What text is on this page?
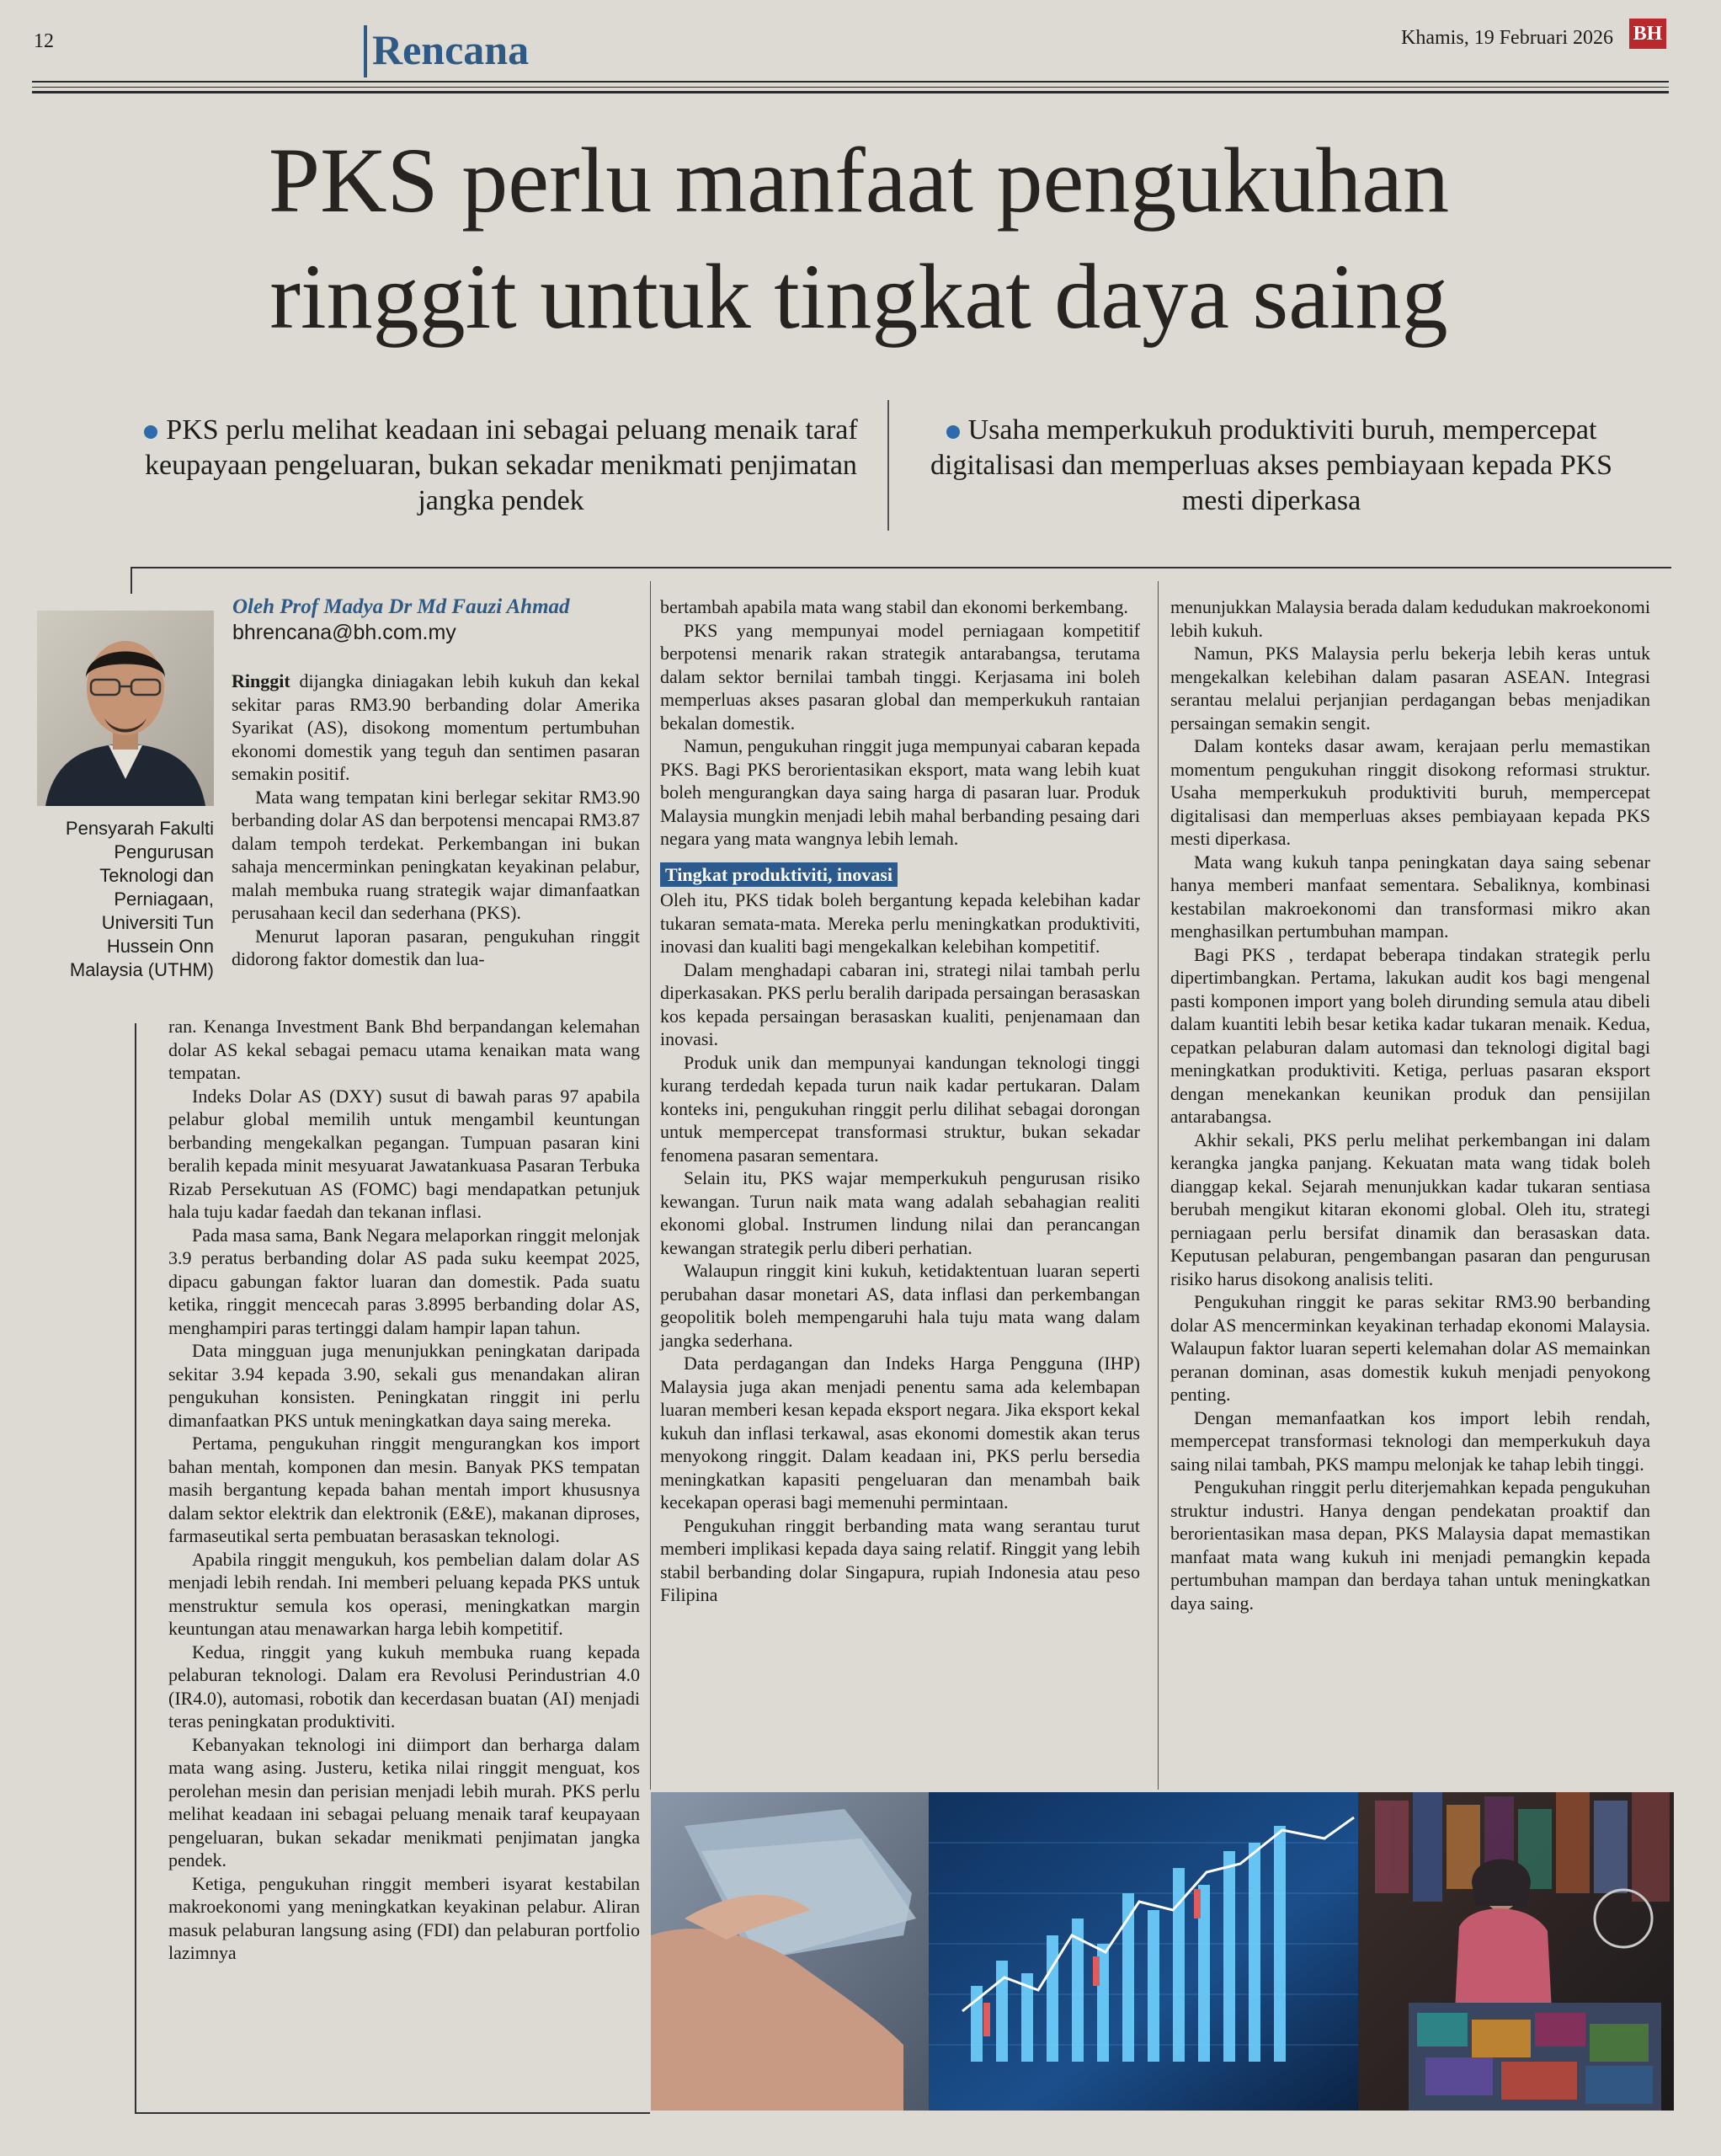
12	Rencana	Khamis, 19 Februari 2026 BH
PKS perlu manfaat pengukuhan
ringgit untuk tingkat daya saing
PKS perlu melihat keadaan ini sebagai peluang menaik taraf keupayaan pengeluaran, bukan sekadar menikmati penjimatan jangka pendek
Usaha memperkukuh produktiviti buruh, mempercepat digitalisasi dan memperluas akses pembiayaan kepada PKS mesti diperkasa
Pensyarah Fakulti Pengurusan Teknologi dan Perniagaan, Universiti Tun Hussein Onn Malaysia (UTHM)
Oleh Prof Madya Dr Md Fauzi Ahmad
bhrencana@bh.com.my

Ringgit dijangka diniagakan lebih kukuh dan kekal sekitar paras RM3.90 berbanding dolar Amerika Syarikat (AS), disokong momentum pertumbuhan ekonomi domestik yang teguh dan sentimen pasaran semakin positif.

Mata wang tempatan kini berlegar sekitar RM3.90 berbanding dolar AS dan berpotensi mencapai RM3.87 dalam tempoh terdekat. Perkembangan ini bukan sahaja mencerminkan peningkatan keyakinan pelabur, malah membuka ruang strategik wajar dimanfaatkan perusahaan kecil dan sederhana (PKS).

Menurut laporan pasaran, pengukuhan ringgit didorong faktor domestik dan lua-

ran. Kenanga Investment Bank Bhd berpandangan kelemahan dolar AS kekal sebagai pemacu utama kenaikan mata wang tempatan.

Indeks Dolar AS (DXY) susut di bawah paras 97 apabila pelabur global memilih untuk mengambil keuntungan berbanding mengekalkan pegangan. Tumpuan pasaran kini beralih kepada minit mesyuarat Jawatankuasa Pasaran Terbuka Rizab Persekutuan AS (FOMC) bagi mendapatkan petunjuk hala tuju kadar faedah dan tekanan inflasi.

Pada masa sama, Bank Negara melaporkan ringgit melonjak 3.9 peratus berbanding dolar AS pada suku keempat 2025, dipacu gabungan faktor luaran dan domestik. Pada suatu ketika, ringgit mencecah paras 3.8995 berbanding dolar AS, menghampiri paras tertinggi dalam hampir lapan tahun.

Data mingguan juga menunjukkan peningkatan daripada sekitar 3.94 kepada 3.90, sekali gus menandakan aliran pengukuhan konsisten. Peningkatan ringgit ini perlu dimanfaatkan PKS untuk meningkatkan daya saing mereka.

Pertama, pengukuhan ringgit mengurangkan kos import bahan mentah, komponen dan mesin. Banyak PKS tempatan masih bergantung kepada bahan mentah import khususnya dalam sektor elektrik dan elektronik (E&E), makanan diproses, farmaseutikal serta pembuatan berasaskan teknologi.

Apabila ringgit mengukuh, kos pembelian dalam dolar AS menjadi lebih rendah. Ini memberi peluang kepada PKS untuk menstruktur semula kos operasi, meningkatkan margin keuntungan atau menawarkan harga lebih kompetitif.

Kedua, ringgit yang kukuh membuka ruang kepada pelaburan teknologi. Dalam era Revolusi Perindustrian 4.0 (IR4.0), automasi, robotik dan kecerdasan buatan (AI) menjadi teras peningkatan produktiviti.

Kebanyakan teknologi ini diimport dan berharga dalam mata wang asing. Justeru, ketika nilai ringgit menguat, kos perolehan mesin dan perisian menjadi lebih murah. PKS perlu melihat keadaan ini sebagai peluang menaik taraf keupayaan pengeluaran, bukan sekadar menikmati penjimatan jangka pendek.

Ketiga, pengukuhan ringgit memberi isyarat kestabilan makroekonomi yang meningkatkan keyakinan pelabur. Aliran masuk pelaburan langsung asing (FDI) dan pelaburan portfolio lazimnya

bertambah apabila mata wang stabil dan ekonomi berkembang.

PKS yang mempunyai model perniagaan kompetitif berpotensi menarik rakan strategik antarabangsa, terutama dalam sektor bernilai tambah tinggi. Kerjasama ini boleh memperluas akses pasaran global dan memperkukuh rantaian bekalan domestik.

Namun, pengukuhan ringgit juga mempunyai cabaran kepada PKS. Bagi PKS berorientasikan eksport, mata wang lebih kuat boleh mengurangkan daya saing harga di pasaran luar. Produk Malaysia mungkin menjadi lebih mahal berbanding pesaing dari negara yang mata wangnya lebih lemah.

Tingkat produktiviti, inovasi

Oleh itu, PKS tidak boleh bergantung kepada kelebihan kadar tukaran semata-mata. Mereka perlu meningkatkan produktiviti, inovasi dan kualiti bagi mengekalkan kelebihan kompetitif.

Dalam menghadapi cabaran ini, strategi nilai tambah perlu diperkasakan. PKS perlu beralih daripada persaingan berasaskan kos kepada persaingan berasaskan kualiti, penjenamaan dan inovasi.

Produk unik dan mempunyai kandungan teknologi tinggi kurang terdedah kepada turun naik kadar pertukaran. Dalam konteks ini, pengukuhan ringgit perlu dilihat sebagai dorongan untuk mempercepat transformasi struktur, bukan sekadar fenomena pasaran sementara.

Selain itu, PKS wajar memperkukuh pengurusan risiko kewangan. Turun naik mata wang adalah sebahagian realiti ekonomi global. Instrumen lindung nilai dan perancangan kewangan strategik perlu diberi perhatian.

Walaupun ringgit kini kukuh, ketidaktentuan luaran seperti perubahan dasar monetari AS, data inflasi dan perkembangan geopolitik boleh mempengaruhi hala tuju mata wang dalam jangka sederhana.

Data perdagangan dan Indeks Harga Pengguna (IHP) Malaysia juga akan menjadi penentu sama ada kelembapan luaran memberi kesan kepada eksport negara. Jika eksport kekal kukuh dan inflasi terkawal, asas ekonomi domestik akan terus menyokong ringgit. Dalam keadaan ini, PKS perlu bersedia meningkatkan kapasiti pengeluaran dan menambah baik kecekapan operasi bagi memenuhi permintaan.

Pengukuhan ringgit berbanding mata wang serantau turut memberi implikasi kepada daya saing relatif. Ringgit yang lebih stabil berbanding dolar Singapura, rupiah Indonesia atau peso Filipina

menunjukkan Malaysia berada dalam kedudukan makroekonomi lebih kukuh.

Namun, PKS Malaysia perlu bekerja lebih keras untuk mengekalkan kelebihan dalam pasaran ASEAN. Integrasi serantau melalui perjanjian perdagangan bebas menjadikan persaingan semakin sengit.

Dalam konteks dasar awam, kerajaan perlu memastikan momentum pengukuhan ringgit disokong reformasi struktur. Usaha memperkukuh produktiviti buruh, mempercepat digitalisasi dan memperluas akses pembiayaan kepada PKS mesti diperkasa.

Mata wang kukuh tanpa peningkatan daya saing sebenar hanya memberi manfaat sementara. Sebaliknya, kombinasi kestabilan makroekonomi dan transformasi mikro akan menghasilkan pertumbuhan mampan.

Bagi PKS , terdapat beberapa tindakan strategik perlu dipertimbangkan. Pertama, lakukan audit kos bagi mengenal pasti komponen import yang boleh dirunding semula atau dibeli dalam kuantiti lebih besar ketika kadar tukaran menaik. Kedua, cepatkan pelaburan dalam automasi dan teknologi digital bagi meningkatkan produktiviti. Ketiga, perluas pasaran eksport dengan menekankan keunikan produk dan pensijilan antarabangsa.

Akhir sekali, PKS perlu melihat perkembangan ini dalam kerangka jangka panjang. Kekuatan mata wang tidak boleh dianggap kekal. Sejarah menunjukkan kadar tukaran sentiasa berubah mengikut kitaran ekonomi global. Oleh itu, strategi perniagaan perlu bersifat dinamik dan berasaskan data. Keputusan pelaburan, pengembangan pasaran dan pengurusan risiko harus disokong analisis teliti.

Pengukuhan ringgit ke paras sekitar RM3.90 berbanding dolar AS mencerminkan keyakinan terhadap ekonomi Malaysia. Walaupun faktor luaran seperti kelemahan dolar AS memainkan peranan dominan, asas domestik kukuh menjadi penyokong penting.

Dengan memanfaatkan kos import lebih rendah, mempercepat transformasi teknologi dan memperkukuh daya saing nilai tambah, PKS mampu melonjak ke tahap lebih tinggi.

Pengukuhan ringgit perlu diterjemahkan kepada pengukuhan struktur industri. Hanya dengan pendekatan proaktif dan berorientasikan masa depan, PKS Malaysia dapat memastikan manfaat mata wang kukuh ini menjadi pemangkin kepada pertumbuhan mampan dan berdaya tahan untuk meningkatkan daya saing.
